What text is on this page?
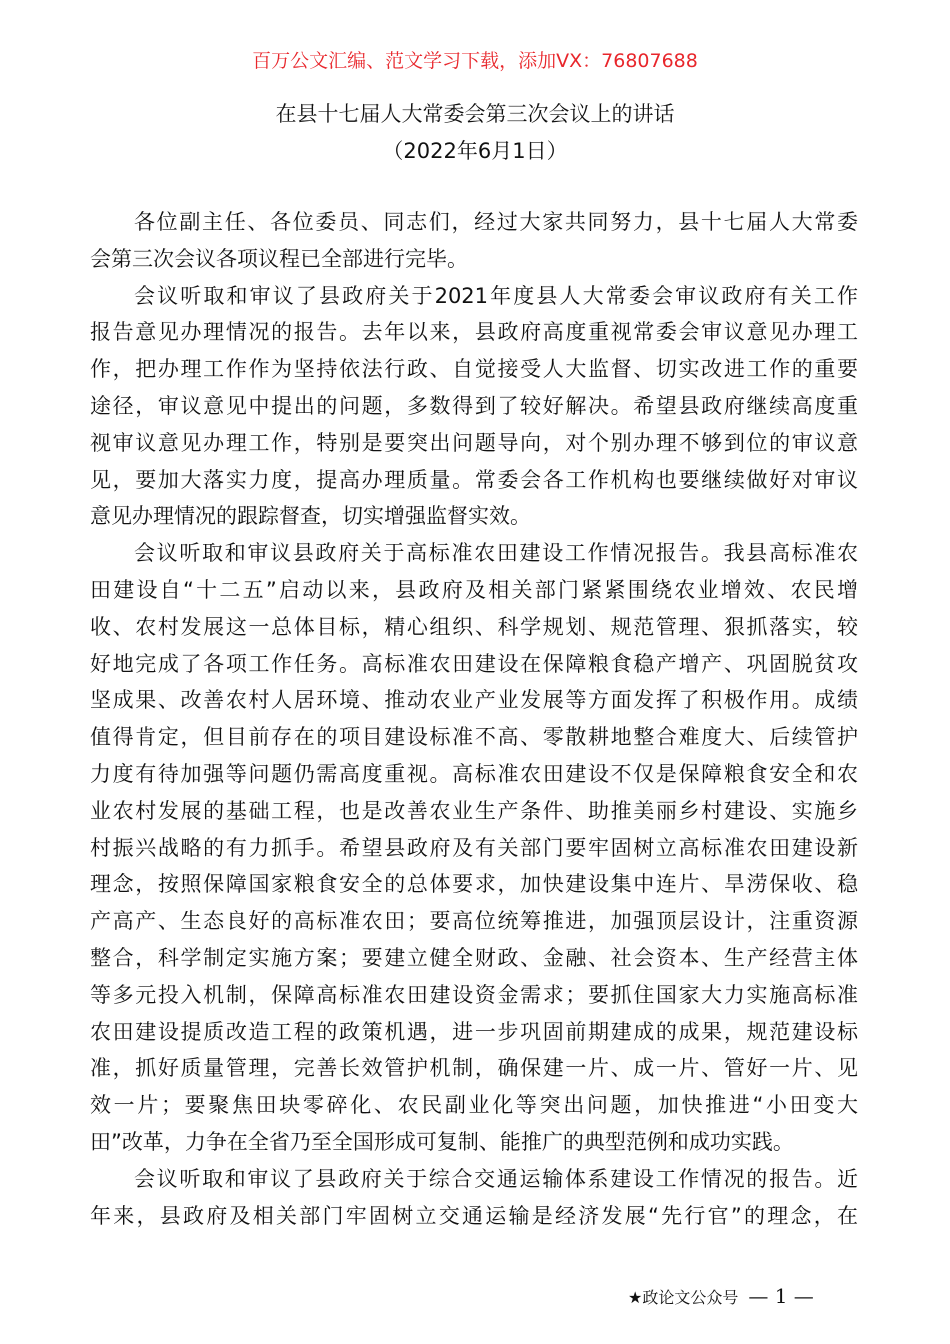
百万公文汇编、范文学习下载，添加VX：76807688
在县十七届人大常委会第三次会议上的讲话
（2022年6月1日）
各位副主任、各位委员、同志们，经过大家共同努力，县十七届人大常委
会第三次会议各项议程已全部进行完毕。
会议听取和审议了县政府关于2021年度县人大常委会审议政府有关工作
报告意见办理情况的报告。去年以来，县政府高度重视常委会审议意见办理工
作，把办理工作作为坚持依法行政、自觉接受人大监督、切实改进工作的重要
途径，审议意见中提出的问题，多数得到了较好解决。希望县政府继续高度重
视审议意见办理工作，特别是要突出问题导向，对个别办理不够到位的审议意
见，要加大落实力度，提高办理质量。常委会各工作机构也要继续做好对审议
意见办理情况的跟踪督查，切实增强监督实效。
会议听取和审议县政府关于高标准农田建设工作情况报告。我县高标准农
田建设自“十二五”启动以来，县政府及相关部门紧紧围绕农业增效、农民增
收、农村发展这一总体目标，精心组织、科学规划、规范管理、狠抓落实，较
好地完成了各项工作任务。高标准农田建设在保障粮食稳产增产、巩固脱贫攻
坚成果、改善农村人居环境、推动农业产业发展等方面发挥了积极作用。成绩
值得肯定，但目前存在的项目建设标准不高、零散耕地整合难度大、后续管护
力度有待加强等问题仍需高度重视。高标准农田建设不仅是保障粮食安全和农
业农村发展的基础工程，也是改善农业生产条件、助推美丽乡村建设、实施乡
村振兴战略的有力抓手。希望县政府及有关部门要牢固树立高标准农田建设新
理念，按照保障国家粮食安全的总体要求，加快建设集中连片、旱涝保收、稳
产高产、生态良好的高标准农田；要高位统筹推进，加强顶层设计，注重资源
整合，科学制定实施方案；要建立健全财政、金融、社会资本、生产经营主体
等多元投入机制，保障高标准农田建设资金需求；要抓住国家大力实施高标准
农田建设提质改造工程的政策机遇，进一步巩固前期建成的成果，规范建设标
准，抓好质量管理，完善长效管护机制，确保建一片、成一片、管好一片、见
效一片；要聚焦田块零碎化、农民副业化等突出问题，加快推进“小田变大
田”改革，力争在全省乃至全国形成可复制、能推广的典型范例和成功实践。
会议听取和审议了县政府关于综合交通运输体系建设工作情况的报告。近
年来，县政府及相关部门牢固树立交通运输是经济发展“先行官”的理念，在
★政论文公众号 — 1 —
